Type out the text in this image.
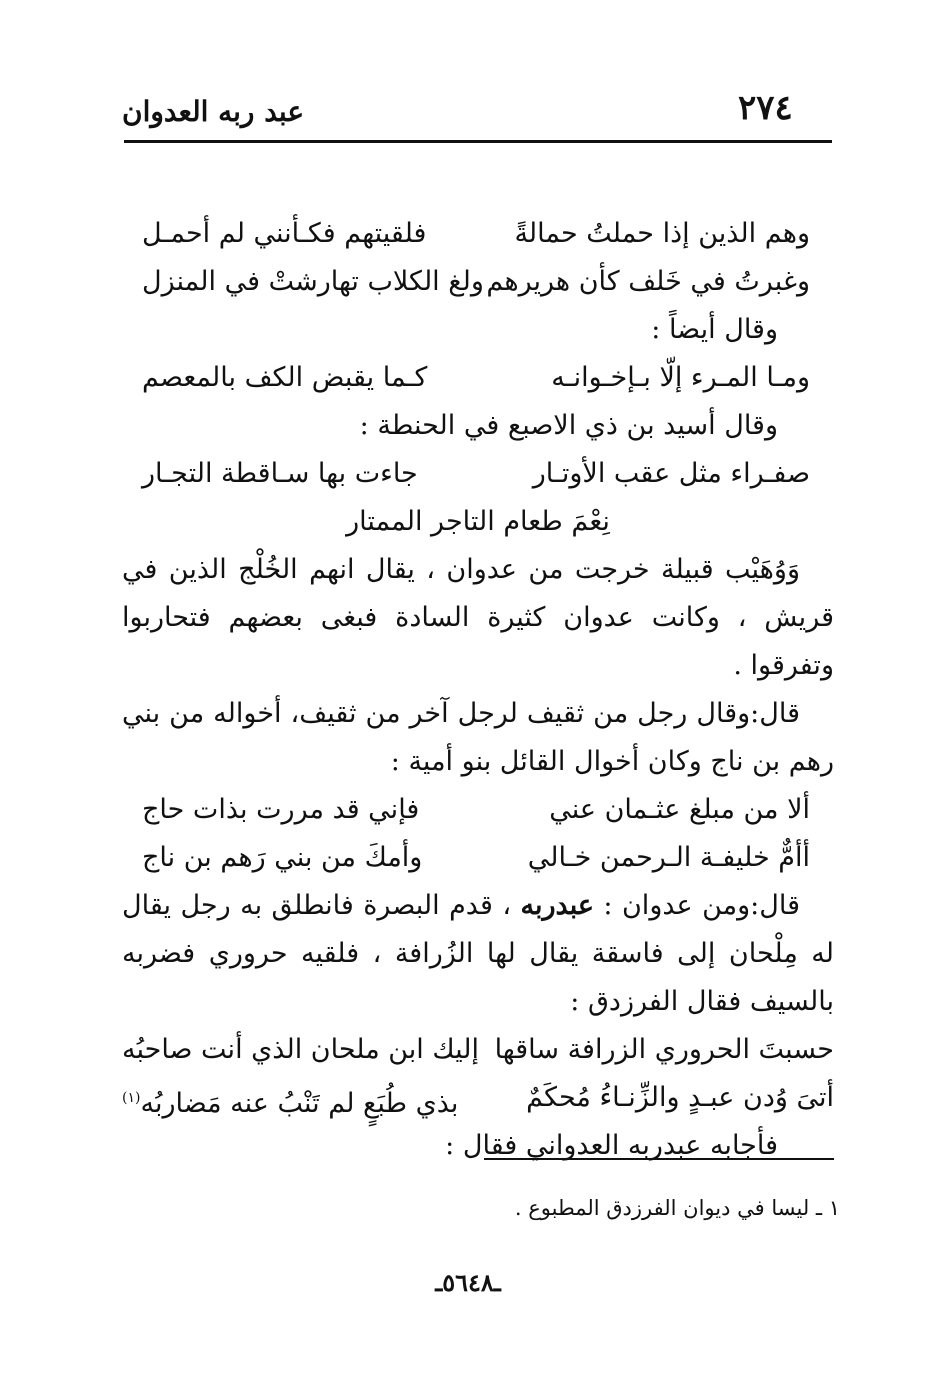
٢٧٤
عبد ربه العدوان
وهم الذين إذا حملتُ حمالةً
فلقيتهم فكـأنني لم أحمـل
وغبرتُ في خَلف كأن هريرهم
ولغ الكلاب تهارشتْ في المنزل
وقال أيضاً :
ومـا المـرء إلّا بـإخـوانـه
كـما يقبض الكف بالمعصم
وقال أسيد بن ذي الاصبع في الحنطة :
صفـراء مثل عقب الأوتـار
جاءت بها سـاقطة التجـار
نِعْمَ طعام التاجر الممتار
وَوُهَيْب قبيلة خرجت من عدوان ، يقال انهم الخُلْج الذين في قريش ، وكانت عدوان كثيرة السادة فبغى بعضهم فتحاربوا وتفرقوا .
قال:وقال رجل من ثقيف لرجل آخر من ثقيف، أخواله من بني رهم بن ناج وكان أخوال القائل بنو أمية :
ألا من مبلغ عثـمان عني
فإني قد مررت بذات حاج
أأمٌّ خليفـة الـرحمن خـالي
وأمكَ من بني رَهم بن ناج
قال:ومن عدوان : عبدربه ، قدم البصرة فانطلق به رجل يقال له مِلْحان إلى فاسقة يقال لها الزُرافة ، فلقيه حروري فضربه بالسيف فقال الفرزدق :
حسبتَ الحروري الزرافة ساقها
إليك ابن ملحان الذي أنت صاحبُه
أتىَ وُدن عبـدٍ والزِّنـاءُ مُحكَمٌ
بذي طُبَعٍ لم تَنْبُ عنه مَضاربُه$^{(١)}$
فأجابه عبدربه العدواني فقال :
١ ـ ليسا في ديوان الفرزدق المطبوع .
ـ٥٦٤٨ـ
